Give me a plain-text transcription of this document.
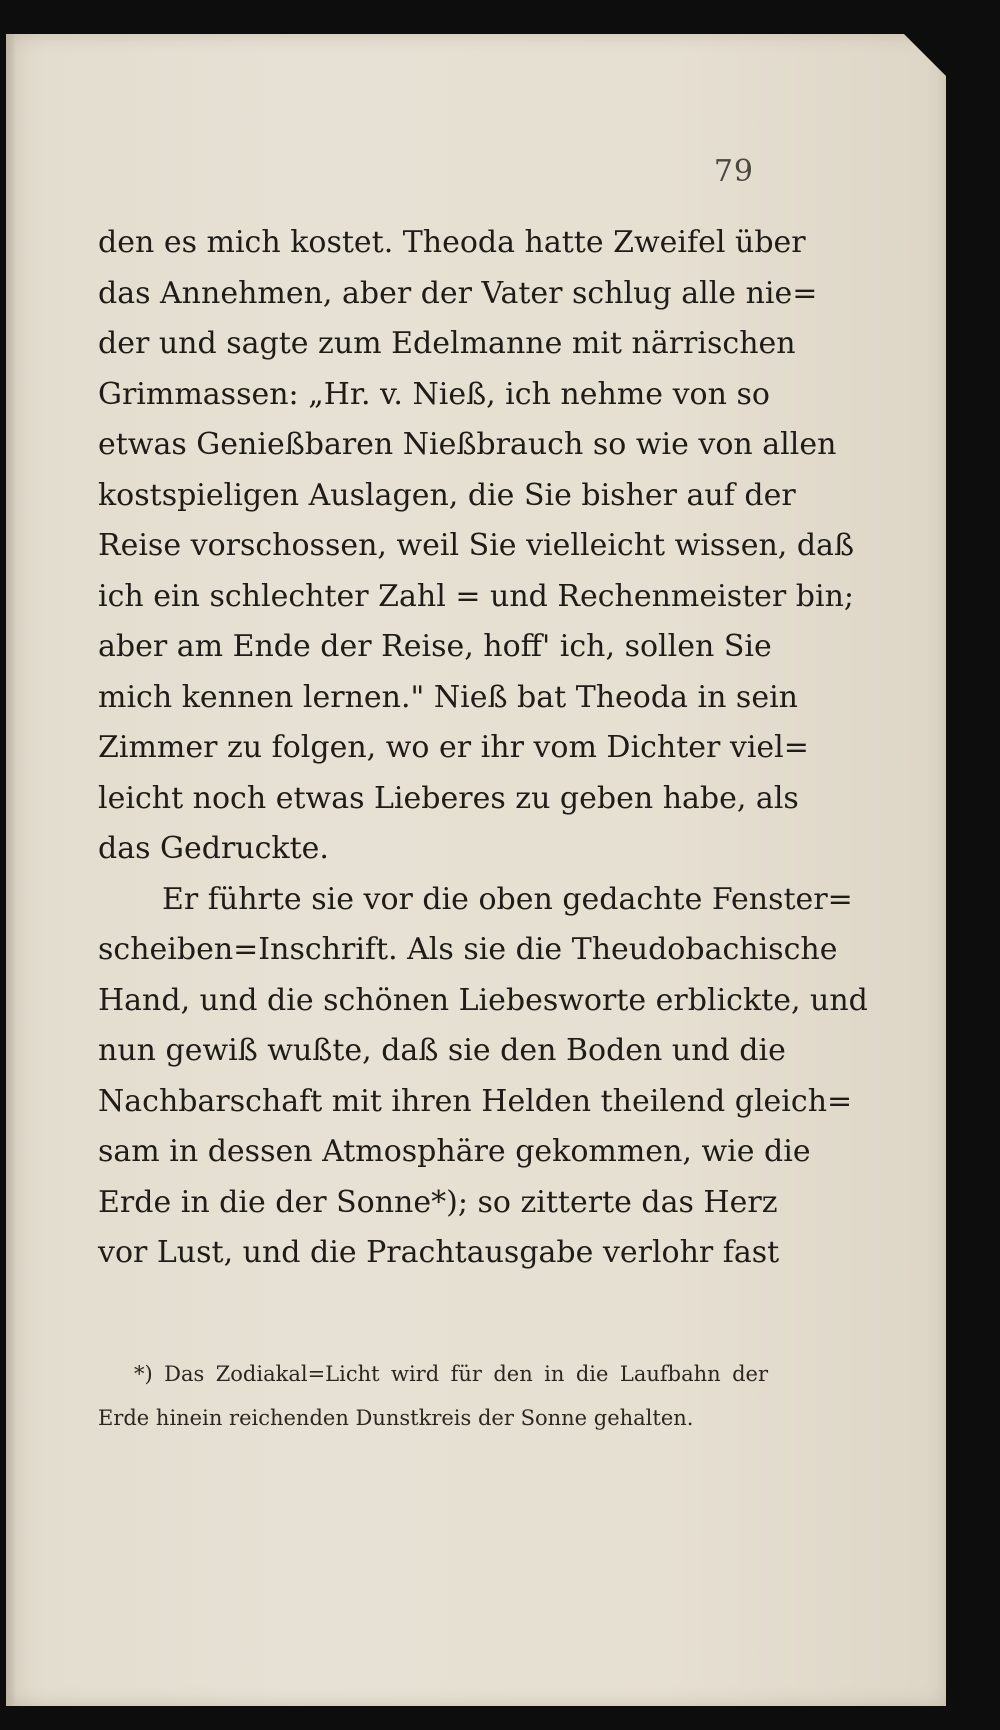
79
den es mich kostet. Theoda hatte Zweifel über
das Annehmen, aber der Vater schlug alle nie=
der und sagte zum Edelmanne mit närrischen
Grimmassen: „Hr. v. Nieß, ich nehme von so
etwas Genießbaren Nießbrauch so wie von allen
kostspieligen Auslagen, die Sie bisher auf der
Reise vorschossen, weil Sie vielleicht wissen, daß
ich ein schlechter Zahl = und Rechenmeister bin;
aber am Ende der Reise, hoff' ich, sollen Sie
mich kennen lernen." Nieß bat Theoda in sein
Zimmer zu folgen, wo er ihr vom Dichter viel=
leicht noch etwas Lieberes zu geben habe, als
das Gedruckte.
Er führte sie vor die oben gedachte Fenster=
scheiben=Inschrift. Als sie die Theudobachische
Hand, und die schönen Liebesworte erblickte, und
nun gewiß wußte, daß sie den Boden und die
Nachbarschaft mit ihren Helden theilend gleich=
sam in dessen Atmosphäre gekommen, wie die
Erde in die der Sonne*); so zitterte das Herz
vor Lust, und die Prachtausgabe verlohr fast
*) Das Zodiakal=Licht wird für den in die Laufbahn der
Erde hinein reichenden Dunstkreis der Sonne gehalten.
